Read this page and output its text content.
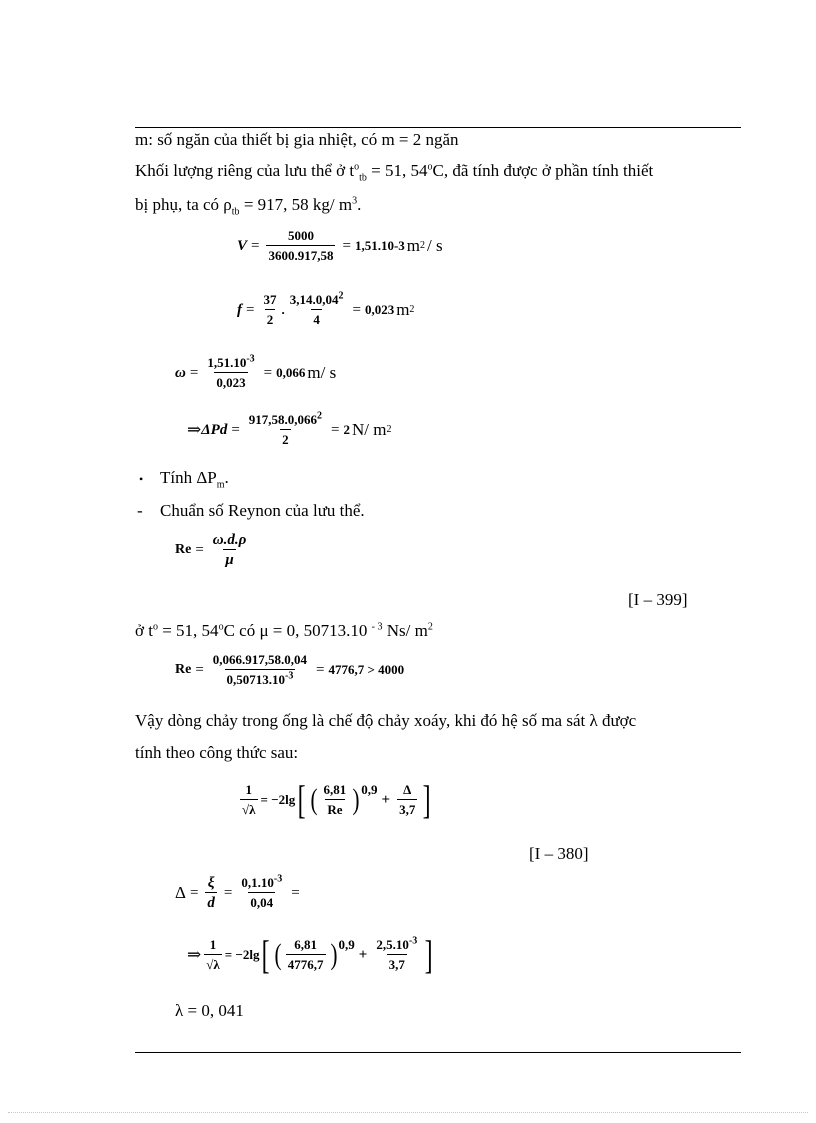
m: số ngăn của thiết bị gia nhiệt, có m = 2 ngăn
Khối lượng riêng của lưu thể ở $t^o_{tb} = 51$, 54$^o$C, đã tính được ở phần tính thiết
bị phụ, ta có $\rho_{tb} = 917$, 58 kg/ $m^3$.
$V = \frac{5000}{3600.917,58} = 1,51.10$ -3 m 2 / s
$f = \frac{37}{2}$ . $\frac{3,14.0,04^2}{4} = 0,023$ m 2
$\omega = \frac{1,51.10^{-3}}{0,023} = 0,066$ m/ s
⇒ ΔP $d = \frac{917,58.0,066^2}{2} = 2$ N/ m 2
• Tính $\Delta P_m$.
- Chuẩn số Reynon của lưu thể.
$Re = \frac{\omega.d.\rho}{\mu}$
[I – 399]
ở $t^o = 51$, 54$^o$C có μ = 0, 50713.10 $^{- 3}$ Ns/ $m^2$
$Re = \frac{0,066.917,58.0,04}{0,50713.10^{-3}} = 4776,7 > 4000$
Vậy dòng chảy trong ống là chế độ chảy xoáy, khi đó hệ số ma sát λ được
tính theo công thức sau:
$\frac{1}{√\lambda} = -2\lg$ [ ( $\frac{6,81}{Re} )^{0,9}$
+ $\frac{\Delta}{3,7}$ ]
[I – 380]
$\Delta = \frac{\xi}{d} = \frac{0,1.10^{-3}}{0,04}$ =
⇒ $\frac{1}{√\lambda} = -2\lg$ [ ( $\frac{6,81}{4776,7} )^{0,9}$
+ $\frac{2,5.10^{-3}}{3,7}$ ]
λ = 0, 041
